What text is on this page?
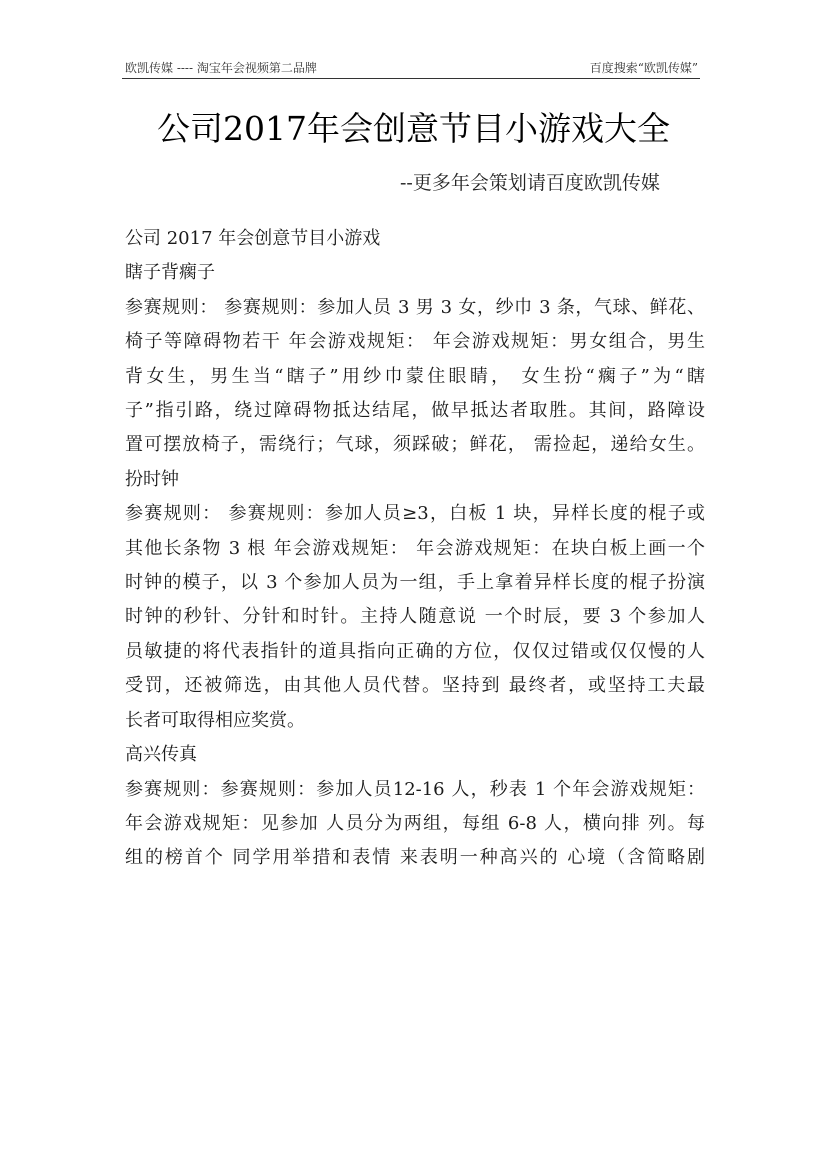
欧凯传媒 ---- 淘宝年会视频第二品牌	百度搜索“欧凯传媒”
公司2017年会创意节目小游戏大全
--更多年会策划请百度欧凯传媒

公司 2017 年会创意节目小游戏

瞎子背瘸子

参赛规则： 参赛规则：参加人员 3 男 3 女，纱巾 3 条，气球、鲜花、

椅子等障碍物若干 年会游戏规矩： 年会游戏规矩：男女组合，男生

背女生，男生当“瞎子”用纱巾蒙住眼睛， 女生扮“瘸子”为“瞎

子”指引路，绕过障碍物抵达结尾，做早抵达者取胜。其间，路障设

置可摆放椅子，需绕行；气球，须踩破；鲜花， 需捡起，递给女生。

扮时钟

参赛规则： 参赛规则：参加人员≥3，白板 1 块，异样长度的棍子或

其他长条物 3 根 年会游戏规矩： 年会游戏规矩：在块白板上画一个

时钟的模子，以 3 个参加人员为一组，手上拿着异样长度的棍子扮演

时钟的秒针、分针和时针。主持人随意说 一个时辰，要 3 个参加人

员敏捷的将代表指针的道具指向正确的方位，仅仅过错或仅仅慢的人

受罚，还被筛选，由其他人员代替。坚持到 最终者，或坚持工夫最

长者可取得相应奖赏。

高兴传真

参赛规则：参赛规则：参加人员12-16 人，秒表 1 个年会游戏规矩：

年会游戏规矩：见参加 人员分为两组，每组 6-8 人，横向排 列。每

组的榜首个 同学用举措和表情 来表明一种高兴的 心境（含简略剧
